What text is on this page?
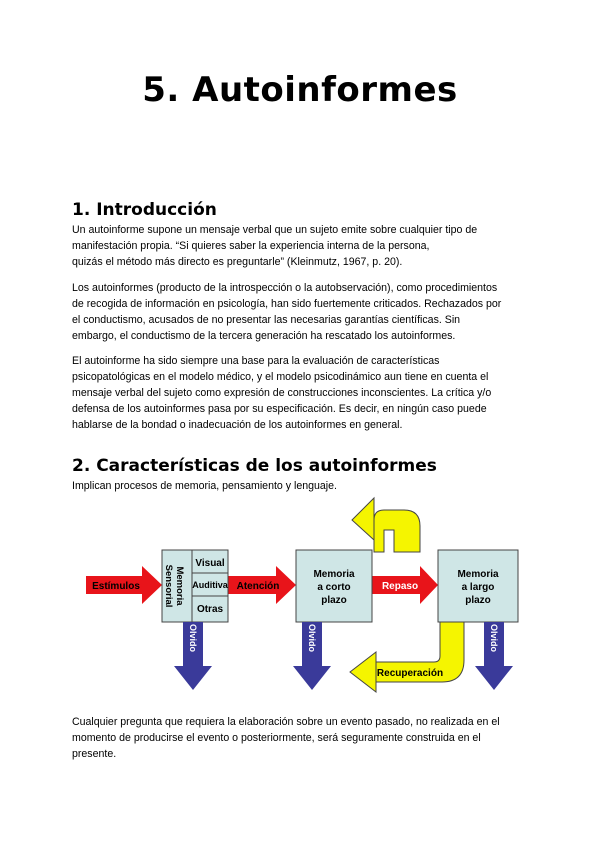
5. Autoinformes
1. Introducción

Un autoinforme supone un mensaje verbal que un sujeto emite sobre cualquier tipo de
manifestación propia. “Si quieres saber la experiencia interna de la persona,
quizás el método más directo es preguntarle” (Kleinmutz, 1967, p. 20).

Los autoinformes (producto de la introspección o la autobservación), como procedimientos
de recogida de información en psicología, han sido fuertemente criticados. Rechazados por
el conductismo, acusados de no presentar las necesarias garantías científicas. Sin
embargo, el conductismo de la tercera generación ha rescatado los autoinformes.

El autoinforme ha sido siempre una base para la evaluación de características
psicopatológicas en el modelo médico, y el modelo psicodinámico aun tiene en cuenta el
mensaje verbal del sujeto como expresión de construcciones inconscientes. La crítica y/o
defensa de los autoinformes pasa por su especificación. Es decir, en ningún caso puede
hablarse de la bondad o inadecuación de los autoinformes en general.

2. Características de los autoinformes

Implican procesos de memoria, pensamiento y lenguaje.

Estímulos	Atención	Repaso
Memoria
Sensorial
Visual
Auditiva
Otras
Memoria
a corto
plazo
Memoria
a largo
plazo
Olvido	Olvido	Olvido
Recuperación

Cualquier pregunta que requiera la elaboración sobre un evento pasado, no realizada en el
momento de producirse el evento o posteriormente, será seguramente construida en el
presente.
